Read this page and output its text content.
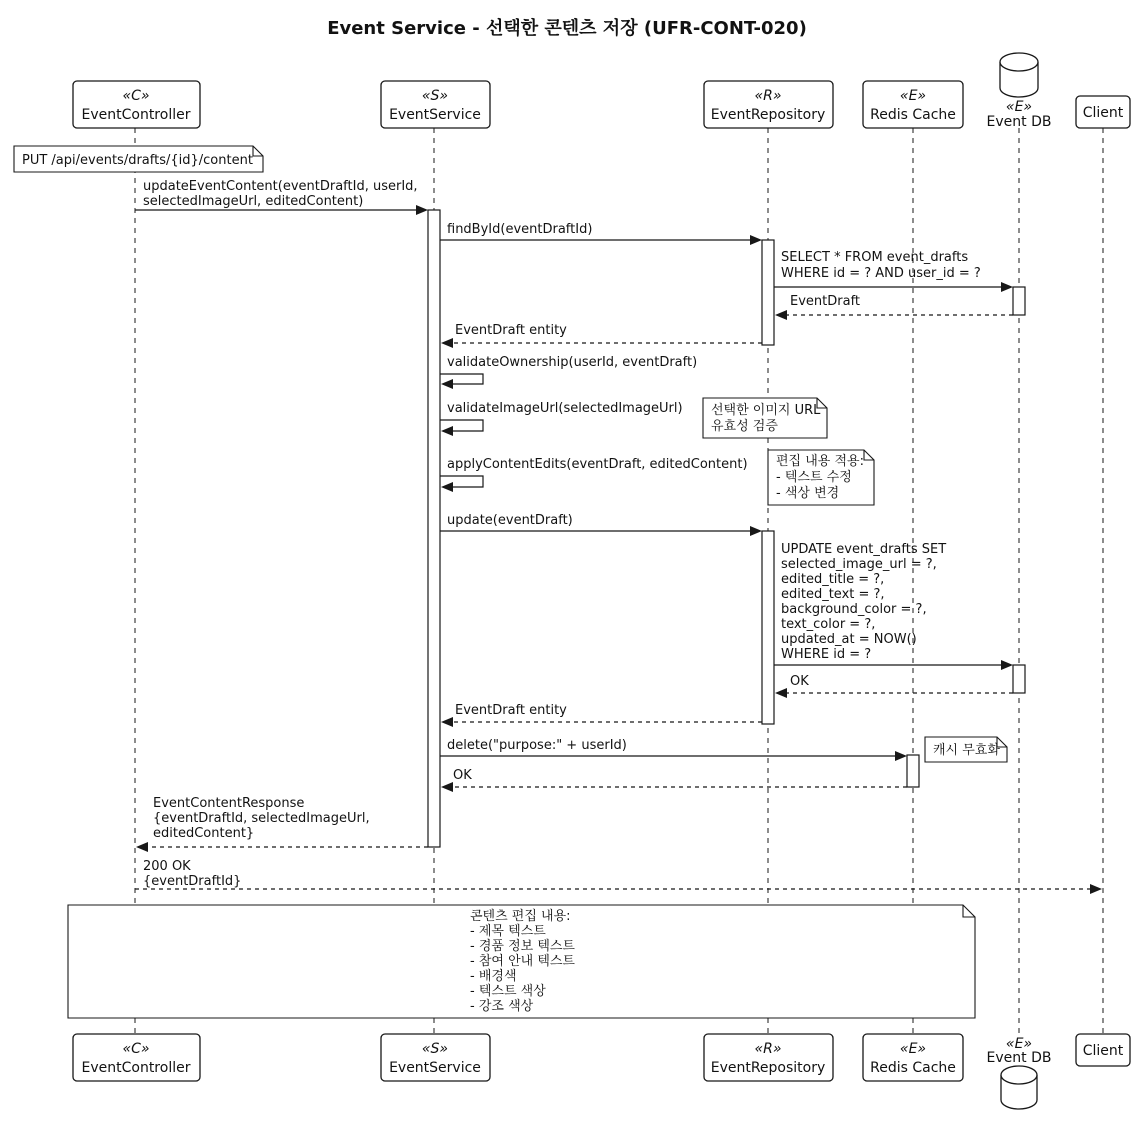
Event Service - 선택한 콘텐츠 저장 (UFR-CONT-020)
PUT /api/events/drafts/{id}/content
updateEventContent(eventDraftId, userId,
selectedImageUrl, editedContent)
findById(eventDraftId)
SELECT * FROM event_drafts
WHERE id = ? AND user_id = ?
EventDraft
EventDraft entity
validateOwnership(userId, eventDraft)
validateImageUrl(selectedImageUrl) 선택한 이미지 URL
유효성 검증
applyContentEdits(eventDraft, editedContent) 편집 내용 적용:
- 텍스트 수정
- 색상 변경
update(eventDraft)
UPDATE event_drafts SET
selected_image_url = ?,
edited_title = ?,
edited_text = ?,
background_color = ?,
text_color = ?,
updated_at = NOW()
WHERE id = ?
OK
EventDraft entity
delete("purpose:" + userId)	캐시 무효화
OK
EventContentResponse
{eventDraftId, selectedImageUrl,
editedContent}
200 OK
{eventDraftId}
콘텐츠 편집 내용:
- 제목 텍스트
- 경품 정보 텍스트
- 참여 안내 텍스트
- 배경색
- 텍스트 색상
- 강조 색상
«C»
EventController
«S»
EventService
«R»
EventRepository
«E»
Redis Cache	«E»
Event DB
Client
«C»
EventController
«S»
EventService
«R»
EventRepository
«E»
Redis Cache
«E»
Event DB Client
